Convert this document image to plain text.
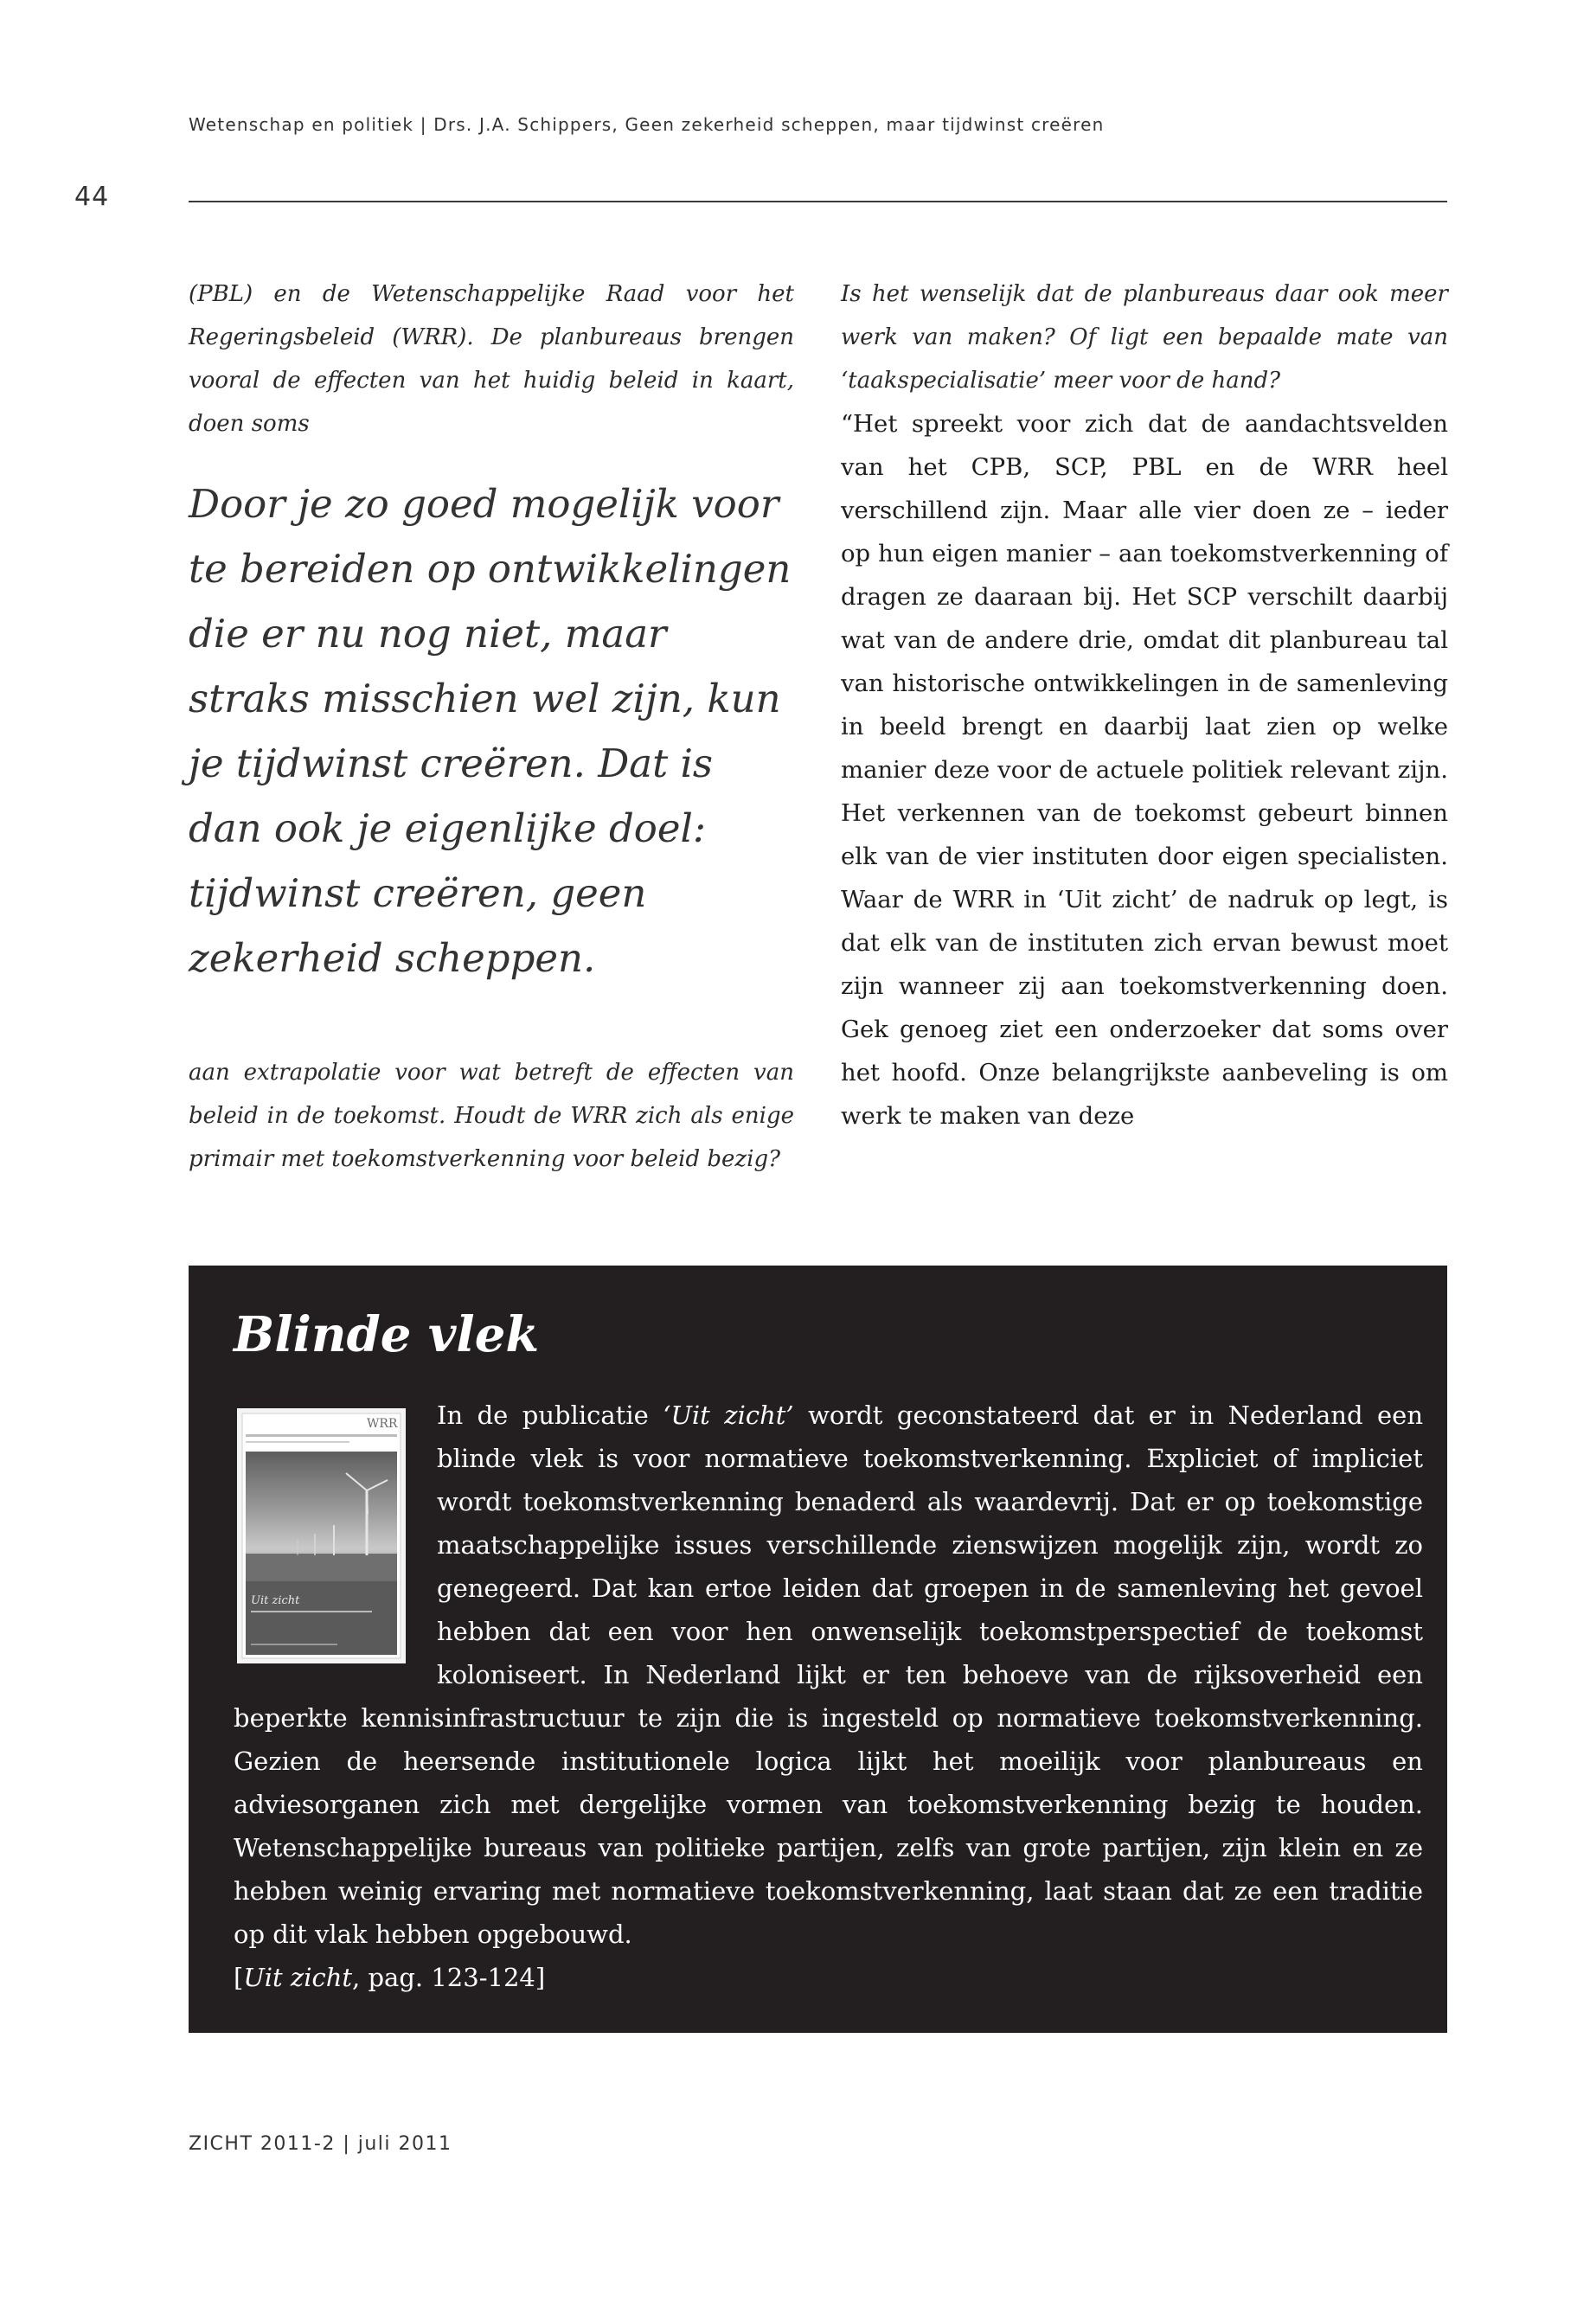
Wetenschap en politiek | Drs. J.A. Schippers, Geen zekerheid scheppen, maar tijdwinst creëren
44

(PBL) en de Wetenschappelijke Raad voor het Regeringsbeleid (WRR). De planbureaus brengen vooral de effecten van het huidig beleid in kaart, doen soms

Door je zo goed mogelijk voor te bereiden op ontwikkelingen die er nu nog niet, maar straks misschien wel zijn, kun je tijdwinst creëren. Dat is dan ook je eigenlijke doel: tijdwinst creëren, geen zekerheid scheppen.

aan extrapolatie voor wat betreft de effecten van beleid in de toekomst. Houdt de WRR zich als enige primair met toekomstverkenning voor beleid bezig?

Is het wenselijk dat de planbureaus daar ook meer werk van maken? Of ligt een bepaalde mate van ‘taakspecialisatie’ meer voor de hand?

“Het spreekt voor zich dat de aandachtsvelden van het CPB, SCP, PBL en de WRR heel verschillend zijn. Maar alle vier doen ze – ieder op hun eigen manier – aan toekomstverkenning of dragen ze daaraan bij. Het SCP verschilt daarbij wat van de andere drie, omdat dit planbureau tal van historische ontwikkelingen in de samenleving in beeld brengt en daarbij laat zien op welke manier deze voor de actuele politiek relevant zijn. Het verkennen van de toekomst gebeurt binnen elk van de vier instituten door eigen specialisten. Waar de WRR in ‘Uit zicht’ de nadruk op legt, is dat elk van de instituten zich ervan bewust moet zijn wanneer zij aan toekomstverkenning doen. Gek genoeg ziet een onderzoeker dat soms over het hoofd. Onze belangrijkste aanbeveling is om werk te maken van deze

Blinde vlek
WRR
Uit zicht
In de publicatie ‘Uit zicht’ wordt geconstateerd dat er in Nederland een blinde vlek is voor normatieve toekomstverkenning. Expliciet of impliciet wordt toekomstverkenning benaderd als waardevrij. Dat er op toekomstige maatschappelijke issues verschillende zienswijzen mogelijk zijn, wordt zo genegeerd. Dat kan ertoe leiden dat groepen in de samenleving het gevoel hebben dat een voor hen onwenselijk toekomstperspectief de toekomst koloniseert. In Nederland lijkt er ten behoeve van de rijksoverheid een beperkte kennisinfrastructuur te zijn die is ingesteld op normatieve toekomstverkenning. Gezien de heersende institutionele logica lijkt het moeilijk voor planbureaus en adviesorganen zich met dergelijke vormen van toekomstverkenning bezig te houden. Wetenschappelijke bureaus van politieke partijen, zelfs van grote partijen, zijn klein en ze hebben weinig ervaring met normatieve toekomstverkenning, laat staan dat ze een traditie op dit vlak hebben opgebouwd.
[Uit zicht, pag. 123-124]
ZICHT 2011-2 | juli 2011
